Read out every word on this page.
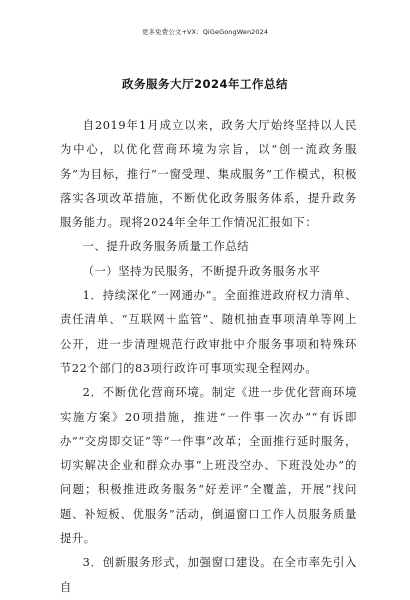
更多免费公文+VX：QiGeGongWen2024
政务服务大厅2024年工作总结

自2019年1月成立以来，政务大厅始终坚持以人民为中心，以优化营商环境为宗旨，以“创一流政务服务”为目标，推行“一窗受理、集成服务”工作模式，积极落实各项改革措施，不断优化政务服务体系，提升政务服务能力。现将2024年全年工作情况汇报如下：

一、提升政务服务质量工作总结

（一）坚持为民服务，不断提升政务服务水平

1．持续深化“一网通办”。全面推进政府权力清单、责任清单、“互联网＋监管”、随机抽查事项清单等网上公开，进一步清理规范行政审批中介服务事项和特殊环节22个部门的83项行政许可事项实现全程网办。

2．不断优化营商环境。制定《进一步优化营商环境实施方案》20项措施，推进“一件事一次办”“有诉即办”“交房即交证”等“一件事”改革；全面推行延时服务，切实解决企业和群众办事“上班没空办、下班没处办”的问题；积极推进政务服务“好差评”全覆盖，开展“找问题、补短板、优服务”活动，倒逼窗口工作人员服务质量提升。

3．创新服务形式，加强窗口建设。在全市率先引入自
